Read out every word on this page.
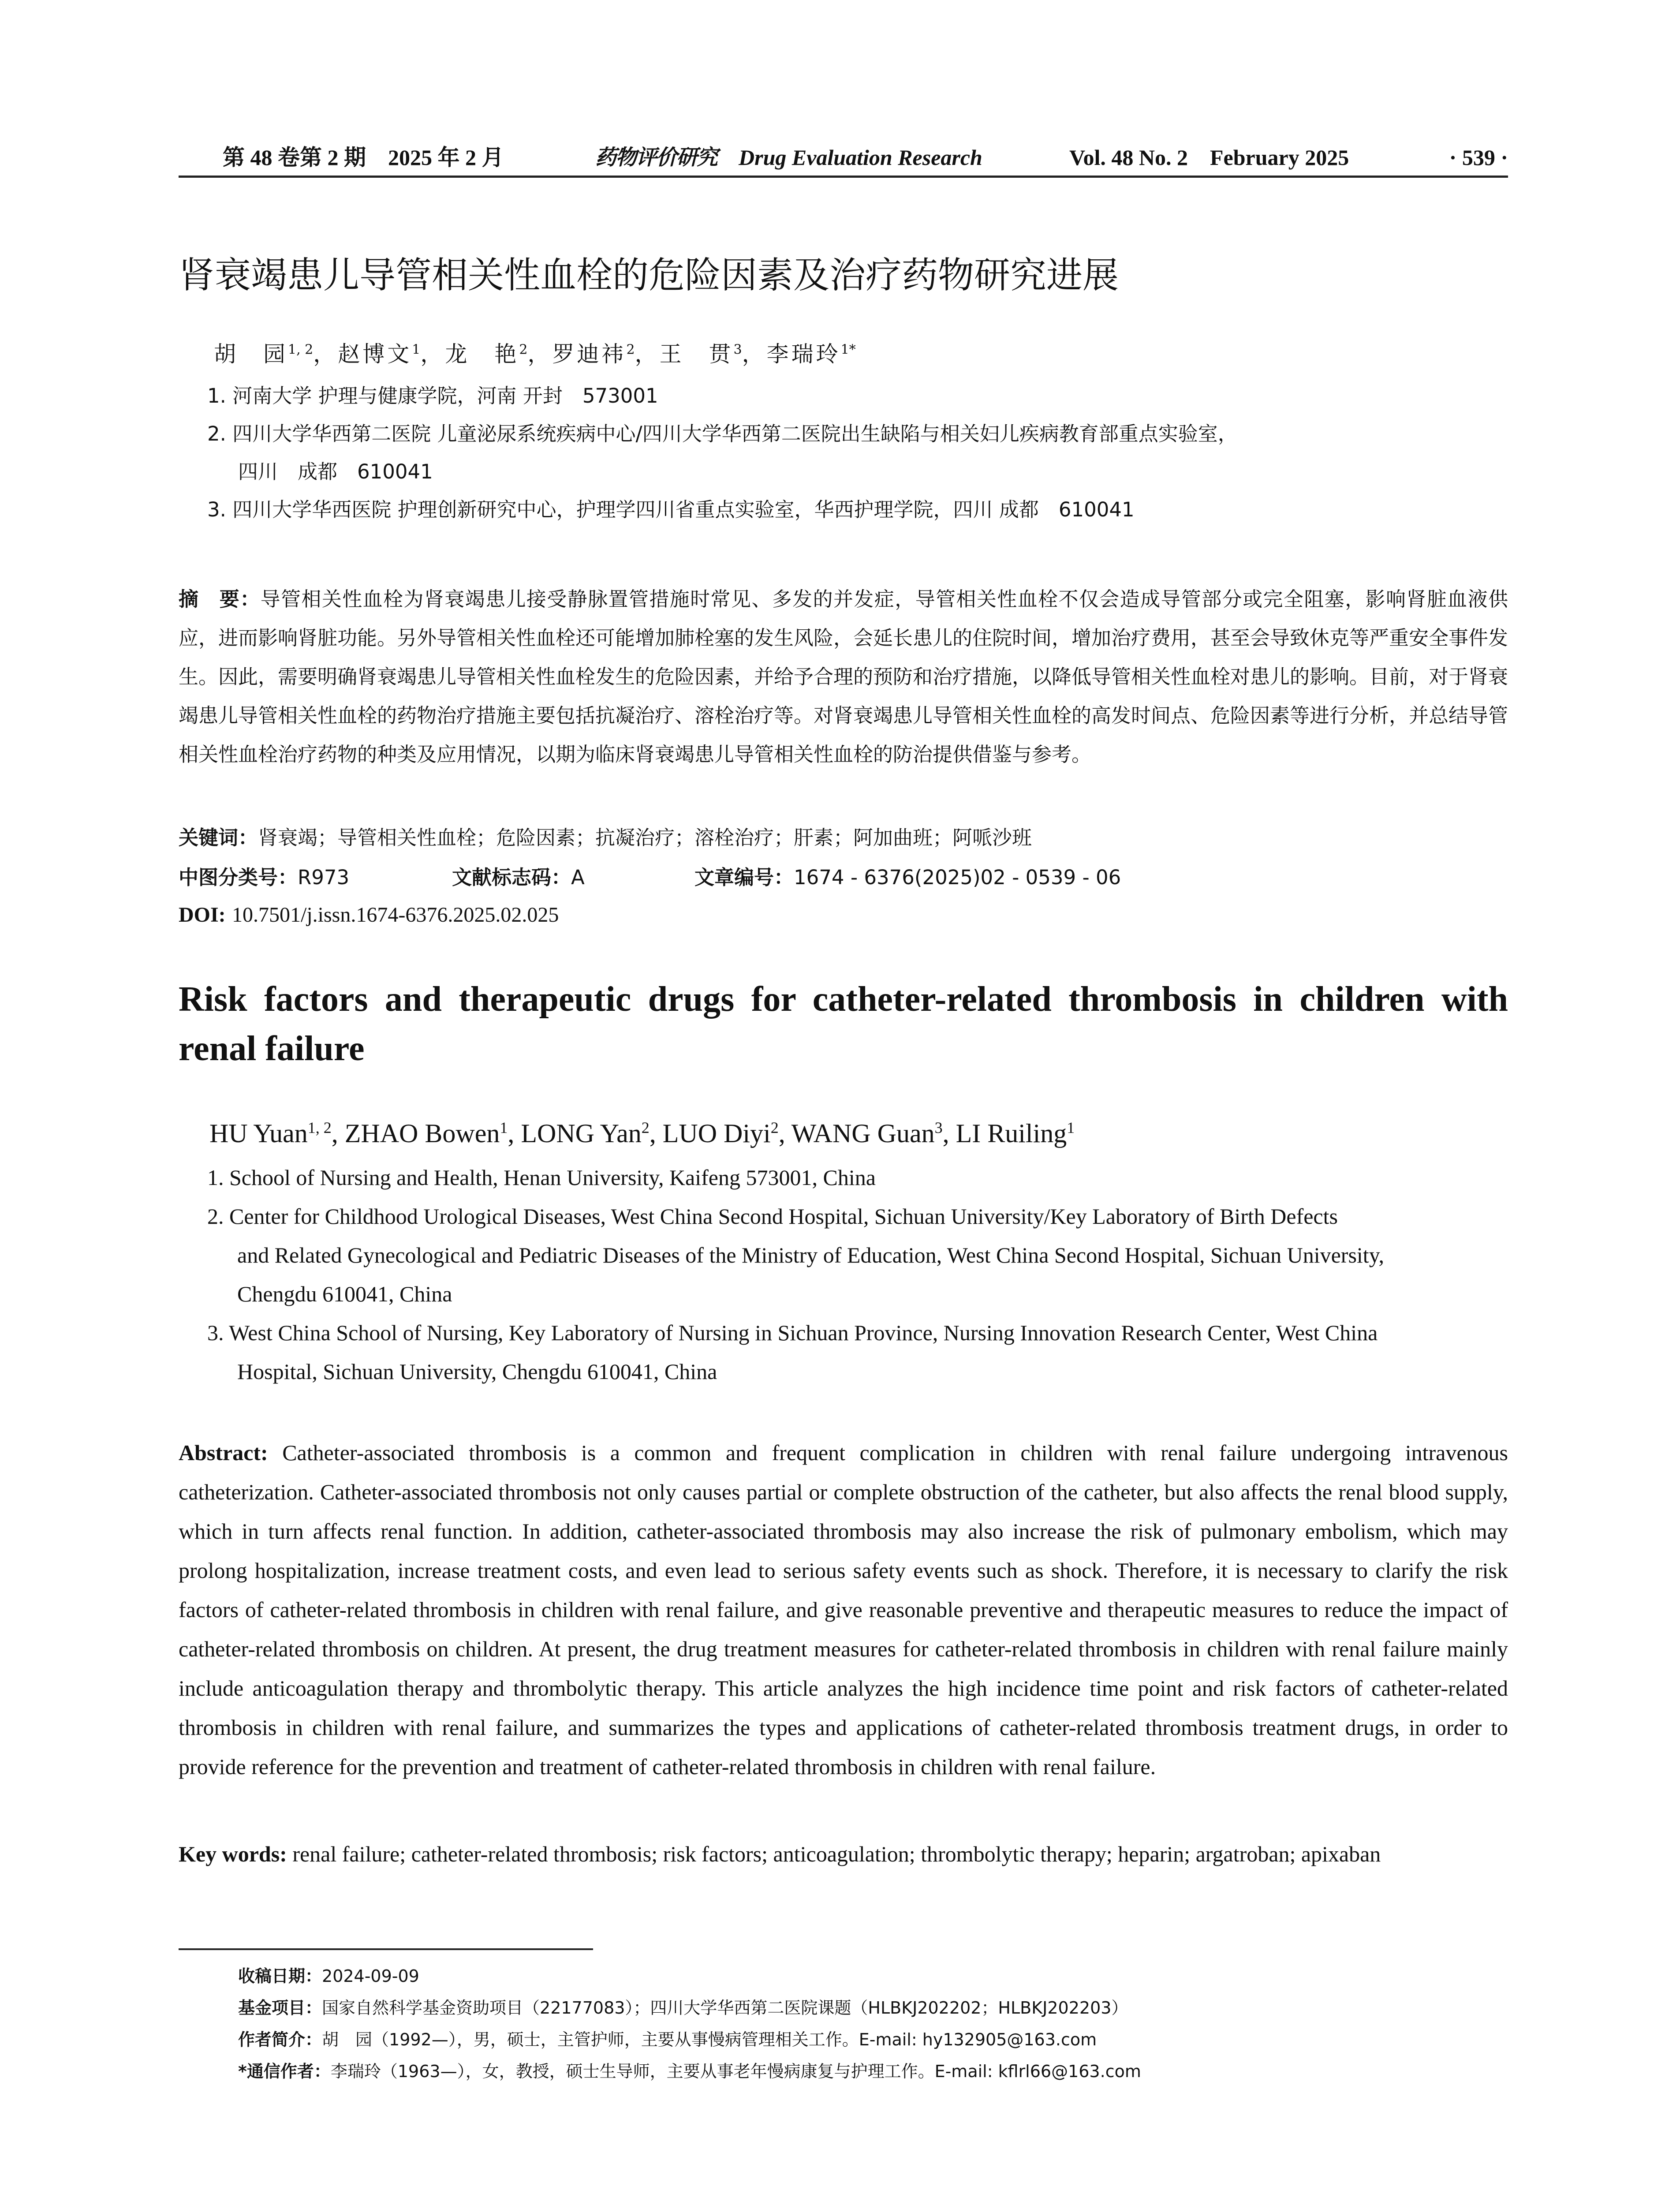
第 48 卷第 2 期　2025 年 2 月	药物评价研究 Drug Evaluation Research	Vol. 48 No. 2　February 2025	· 539 ·
肾衰竭患儿导管相关性血栓的危险因素及治疗药物研究进展
胡　园$^{1, 2}$，赵博文$^1$，龙　艳$^2$，罗迪祎$^2$，王　贯$^3$，李瑞玲$^{1*}$
1. 河南大学 护理与健康学院，河南 开封　573001
2. 四川大学华西第二医院 儿童泌尿系统疾病中心/四川大学华西第二医院出生缺陷与相关妇儿疾病教育部重点实验室，
四川　成都　610041
3. 四川大学华西医院 护理创新研究中心，护理学四川省重点实验室，华西护理学院，四川 成都　610041
摘　要：导管相关性血栓为肾衰竭患儿接受静脉置管措施时常见、多发的并发症，导管相关性血栓不仅会造成导管部分或完全阻塞，影响肾脏血液供应，进而影响肾脏功能。另外导管相关性血栓还可能增加肺栓塞的发生风险，会延长患儿的住院时间，增加治疗费用，甚至会导致休克等严重安全事件发生。因此，需要明确肾衰竭患儿导管相关性血栓发生的危险因素，并给予合理的预防和治疗措施，以降低导管相关性血栓对患儿的影响。目前，对于肾衰竭患儿导管相关性血栓的药物治疗措施主要包括抗凝治疗、溶栓治疗等。对肾衰竭患儿导管相关性血栓的高发时间点、危险因素等进行分析，并总结导管相关性血栓治疗药物的种类及应用情况，以期为临床肾衰竭患儿导管相关性血栓的防治提供借鉴与参考。
关键词：肾衰竭；导管相关性血栓；危险因素；抗凝治疗；溶栓治疗；肝素；阿加曲班；阿哌沙班
中图分类号：R973	文献标志码：A	文章编号：1674 - 6376(2025)02 - 0539 - 06
DOI: 10.7501/j.issn.1674-6376.2025.02.025
Risk factors and therapeutic drugs for catheter-related thrombosis in children with renal failure
HU Yuan$^{1, 2}$, ZHAO Bowen$^1$, LONG Yan$^2$, LUO Diyi$^2$, WANG Guan$^3$, LI Ruiling$^1$
1. School of Nursing and Health, Henan University, Kaifeng 573001, China
2. Center for Childhood Urological Diseases, West China Second Hospital, Sichuan University/Key Laboratory of Birth Defects
and Related Gynecological and Pediatric Diseases of the Ministry of Education, West China Second Hospital, Sichuan University,
Chengdu 610041, China
3. West China School of Nursing, Key Laboratory of Nursing in Sichuan Province, Nursing Innovation Research Center, West China
Hospital, Sichuan University, Chengdu 610041, China
Abstract: Catheter-associated thrombosis is a common and frequent complication in children with renal failure undergoing intravenous catheterization. Catheter-associated thrombosis not only causes partial or complete obstruction of the catheter, but also affects the renal blood supply, which in turn affects renal function. In addition, catheter-associated thrombosis may also increase the risk of pulmonary embolism, which may prolong hospitalization, increase treatment costs, and even lead to serious safety events such as shock. Therefore, it is necessary to clarify the risk factors of catheter-related thrombosis in children with renal failure, and give reasonable preventive and therapeutic measures to reduce the impact of catheter-related thrombosis on children. At present, the drug treatment measures for catheter-related thrombosis in children with renal failure mainly include anticoagulation therapy and thrombolytic therapy. This article analyzes the high incidence time point and risk factors of catheter-related thrombosis in children with renal failure, and summarizes the types and applications of catheter-related thrombosis treatment drugs, in order to provide reference for the prevention and treatment of catheter-related thrombosis in children with renal failure.
Key words: renal failure; catheter-related thrombosis; risk factors; anticoagulation; thrombolytic therapy; heparin; argatroban; apixaban
收稿日期：2024-09-09
基金项目：国家自然科学基金资助项目（22177083）；四川大学华西第二医院课题（HLBKJ202202；HLBKJ202203）
作者简介：胡　园（1992—），男，硕士，主管护师，主要从事慢病管理相关工作。E-mail: hy132905@163.com
*通信作者：李瑞玲（1963—），女，教授，硕士生导师，主要从事老年慢病康复与护理工作。E-mail: kflrl66@163.com
